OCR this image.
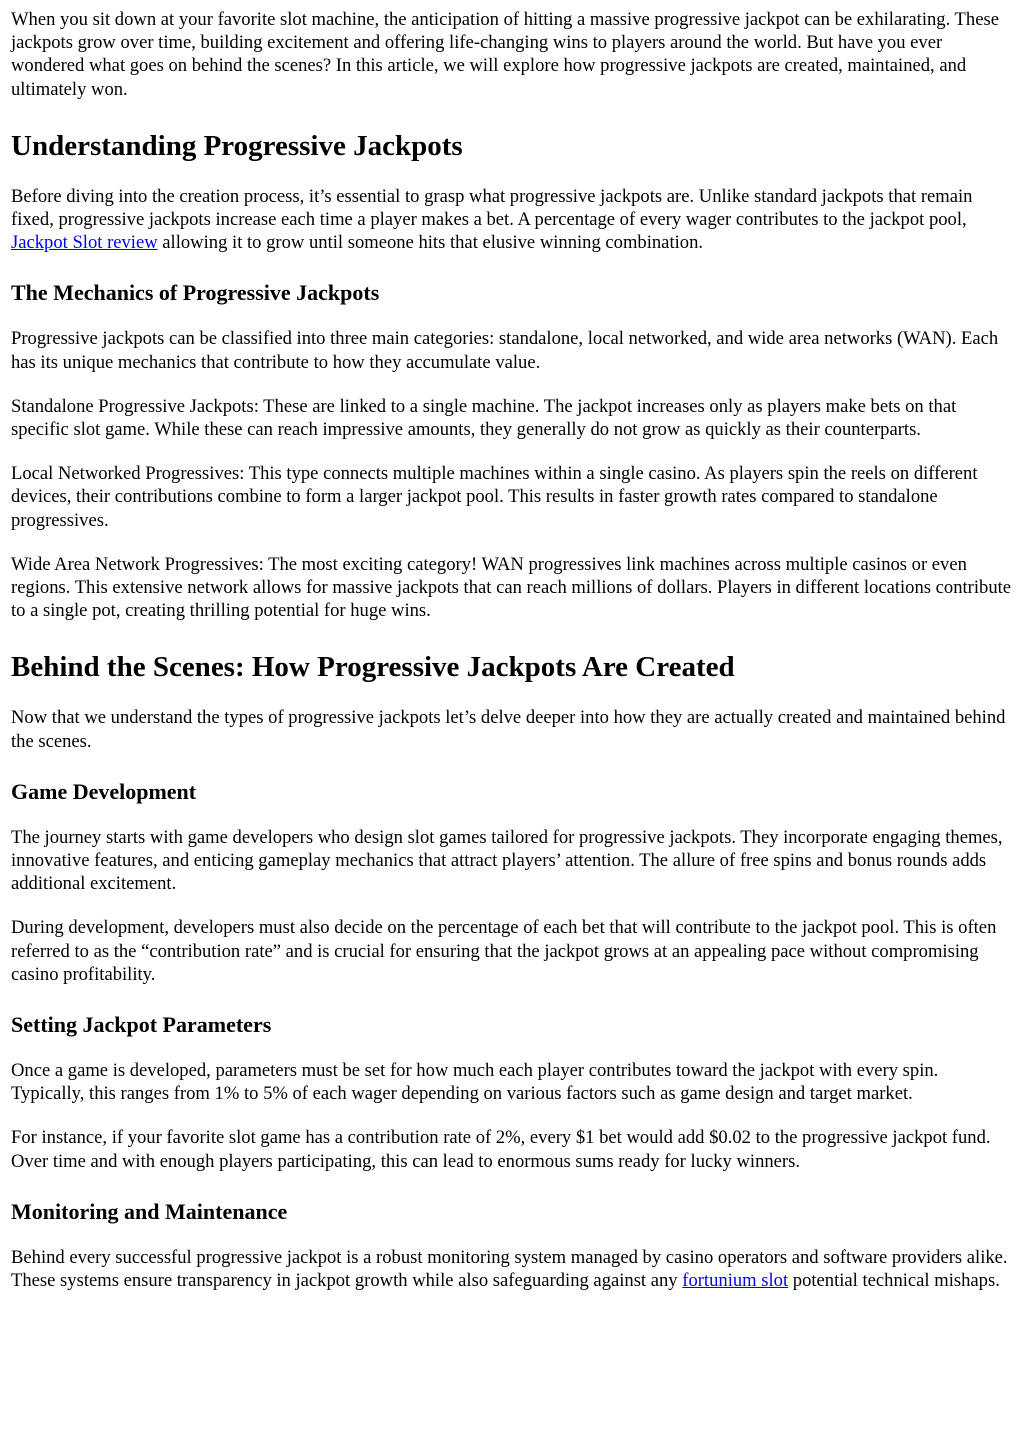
When you sit down at your favorite slot machine, the anticipation of hitting a massive progressive jackpot can be exhilarating. These jackpots grow over time, building excitement and offering life-changing wins to players around the world. But have you ever wondered what goes on behind the scenes? In this article, we will explore how progressive jackpots are created, maintained, and ultimately won.

Understanding Progressive Jackpots

Before diving into the creation process, it’s essential to grasp what progressive jackpots are. Unlike standard jackpots that remain fixed, progressive jackpots increase each time a player makes a bet. A percentage of every wager contributes to the jackpot pool, Jackpot Slot review allowing it to grow until someone hits that elusive winning combination.

The Mechanics of Progressive Jackpots

Progressive jackpots can be classified into three main categories: standalone, local networked, and wide area networks (WAN). Each has its unique mechanics that contribute to how they accumulate value.

Standalone Progressive Jackpots: These are linked to a single machine. The jackpot increases only as players make bets on that specific slot game. While these can reach impressive amounts, they generally do not grow as quickly as their counterparts.

Local Networked Progressives: This type connects multiple machines within a single casino. As players spin the reels on different devices, their contributions combine to form a larger jackpot pool. This results in faster growth rates compared to standalone progressives.

Wide Area Network Progressives: The most exciting category! WAN progressives link machines across multiple casinos or even regions. This extensive network allows for massive jackpots that can reach millions of dollars. Players in different locations contribute to a single pot, creating thrilling potential for huge wins.

Behind the Scenes: How Progressive Jackpots Are Created

Now that we understand the types of progressive jackpots let’s delve deeper into how they are actually created and maintained behind the scenes.

Game Development

The journey starts with game developers who design slot games tailored for progressive jackpots. They incorporate engaging themes, innovative features, and enticing gameplay mechanics that attract players’ attention. The allure of free spins and bonus rounds adds additional excitement.

During development, developers must also decide on the percentage of each bet that will contribute to the jackpot pool. This is often referred to as the “contribution rate” and is crucial for ensuring that the jackpot grows at an appealing pace without compromising casino profitability.

Setting Jackpot Parameters

Once a game is developed, parameters must be set for how much each player contributes toward the jackpot with every spin. Typically, this ranges from 1% to 5% of each wager depending on various factors such as game design and target market.

For instance, if your favorite slot game has a contribution rate of 2%, every $1 bet would add $0.02 to the progressive jackpot fund. Over time and with enough players participating, this can lead to enormous sums ready for lucky winners.

Monitoring and Maintenance

Behind every successful progressive jackpot is a robust monitoring system managed by casino operators and software providers alike. These systems ensure transparency in jackpot growth while also safeguarding against any fortunium slot potential technical mishaps.
